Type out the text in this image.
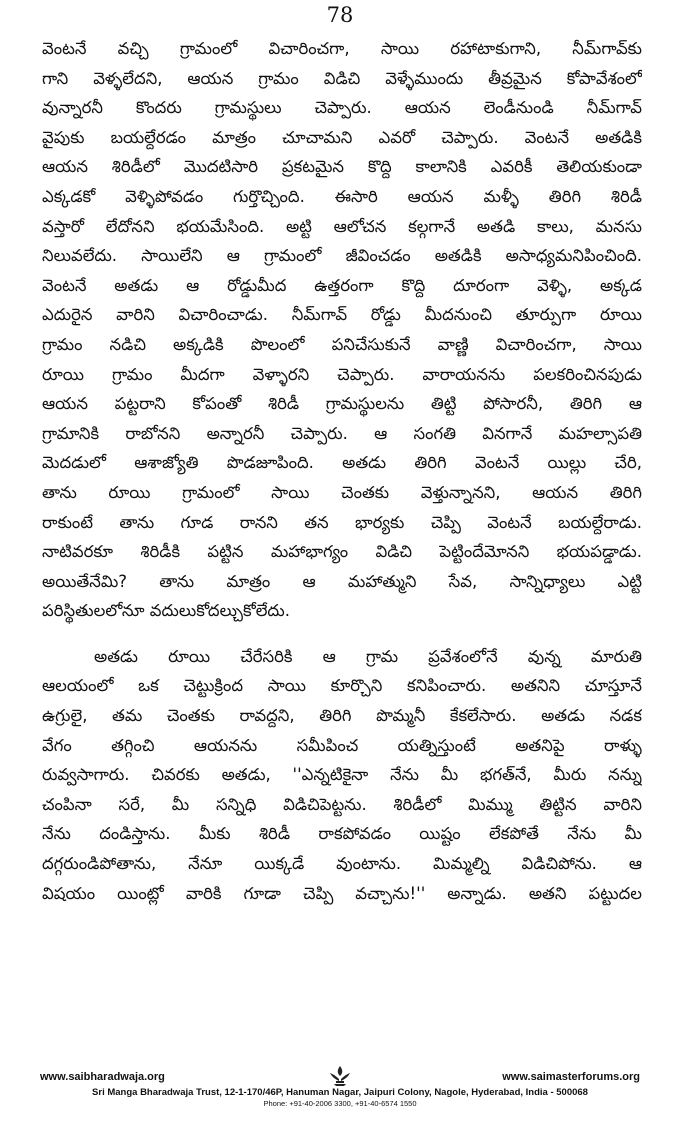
78
వెంటనే వచ్చి గ్రామంలో విచారించగా, సాయి రహాటాకుగాని, నీమ్‌గావ్‌కు
గాని వెళ్ళలేదని, ఆయన గ్రామం విడిచి వెళ్ళేముందు తీవ్రమైన కోపావేశంలో
వున్నారనీ కొందరు గ్రామస్థులు చెప్పారు. ఆయన లెండీనుండి నీమ్‌గావ్
వైపుకు బయల్దేరడం మాత్రం చూచామని ఎవరో చెప్పారు. వెంటనే అతడికి
ఆయన శిరిడీలో మొదటిసారి ప్రకటమైన కొద్ది కాలానికి ఎవరికీ తెలియకుండా
ఎక్కడకో వెళ్ళిపోవడం గుర్తొచ్చింది. ఈసారి ఆయన మళ్ళీ తిరిగి శిరిడీ
వస్తారో లేదోనని భయమేసింది. అట్టి ఆలోచన కల్గగానే అతడి కాలు, మనసు
నిలువలేదు. సాయిలేని ఆ గ్రామంలో జీవించడం అతడికి అసాధ్యమనిపించింది.
వెంటనే అతడు ఆ రోడ్డుమీద ఉత్తరంగా కొద్ది దూరంగా వెళ్ళి, అక్కడ
ఎదురైన వారిని విచారించాడు. నీమ్‌గావ్ రోడ్డు మీదనుంచి తూర్పుగా రూయి
గ్రామం నడిచి అక్కడికి పొలంలో పనిచేసుకునే వాణ్ణి విచారించగా, సాయి
రూయి గ్రామం మీదగా వెళ్ళారని చెప్పారు. వారాయనను పలకరించినపుడు
ఆయన పట్టరాని కోపంతో శిరిడీ గ్రామస్థులను తిట్టి పోసారనీ, తిరిగి ఆ
గ్రామానికి రాబోనని అన్నారనీ చెప్పారు. ఆ సంగతి వినగానే మహల్సాపతి
మెదడులో ఆశాజ్యోతి పొడజూపింది. అతడు తిరిగి వెంటనే యిల్లు చేరి,
తాను రూయి గ్రామంలో సాయి చెంతకు వెళ్తున్నానని, ఆయన తిరిగి
రాకుంటే తాను గూడ రానని తన భార్యకు చెప్పి వెంటనే బయల్దేరాడు.
నాటివరకూ శిరిడీకి పట్టిన మహాభాగ్యం విడిచి పెట్టిందేమోనని భయపడ్డాడు.
అయితేనేమి? తాను మాత్రం ఆ మహాత్ముని సేవ, సాన్నిధ్యాలు ఎట్టి
పరిస్థితులలోనూ వదులుకోదల్చుకోలేదు.
అతడు రూయి చేరేసరికి ఆ గ్రామ ప్రవేశంలోనే వున్న మారుతి
ఆలయంలో ఒక చెట్టుక్రింద సాయి కూర్చొని కనిపించారు. అతనిని చూస్తూనే
ఉగ్రులై, తమ చెంతకు రావద్దని, తిరిగి పొమ్మనీ కేకలేసారు. అతడు నడక
వేగం తగ్గించి ఆయనను సమీపించ యత్నిస్తుంటే అతనిపై రాళ్ళు
రువ్వసాగారు. చివరకు అతడు, ''ఎన్నటికైనా నేను మీ భగత్‌నే, మీరు నన్ను
చంపినా సరే, మీ సన్నిధి విడిచిపెట్టను. శిరిడీలో మిమ్ము తిట్టిన వారిని
నేను దండిస్తాను. మీకు శిరిడీ రాకపోవడం యిష్టం లేకపోతే నేను మీ
దగ్గరుండిపోతాను, నేనూ యిక్కడే వుంటాను. మిమ్మల్ని విడిచిపోను. ఆ
విషయం యింట్లో వారికి గూడా చెప్పి వచ్చాను!'' అన్నాడు. అతని పట్టుదల
www.saibharadwaja.org	www.saimasterforums.org
Sri Manga Bharadwaja Trust, 12-1-170/46P, Hanuman Nagar, Jaipuri Colony, Nagole, Hyderabad, India - 500068
Phone: +91-40-2006 3300, +91-40-6574 1550
